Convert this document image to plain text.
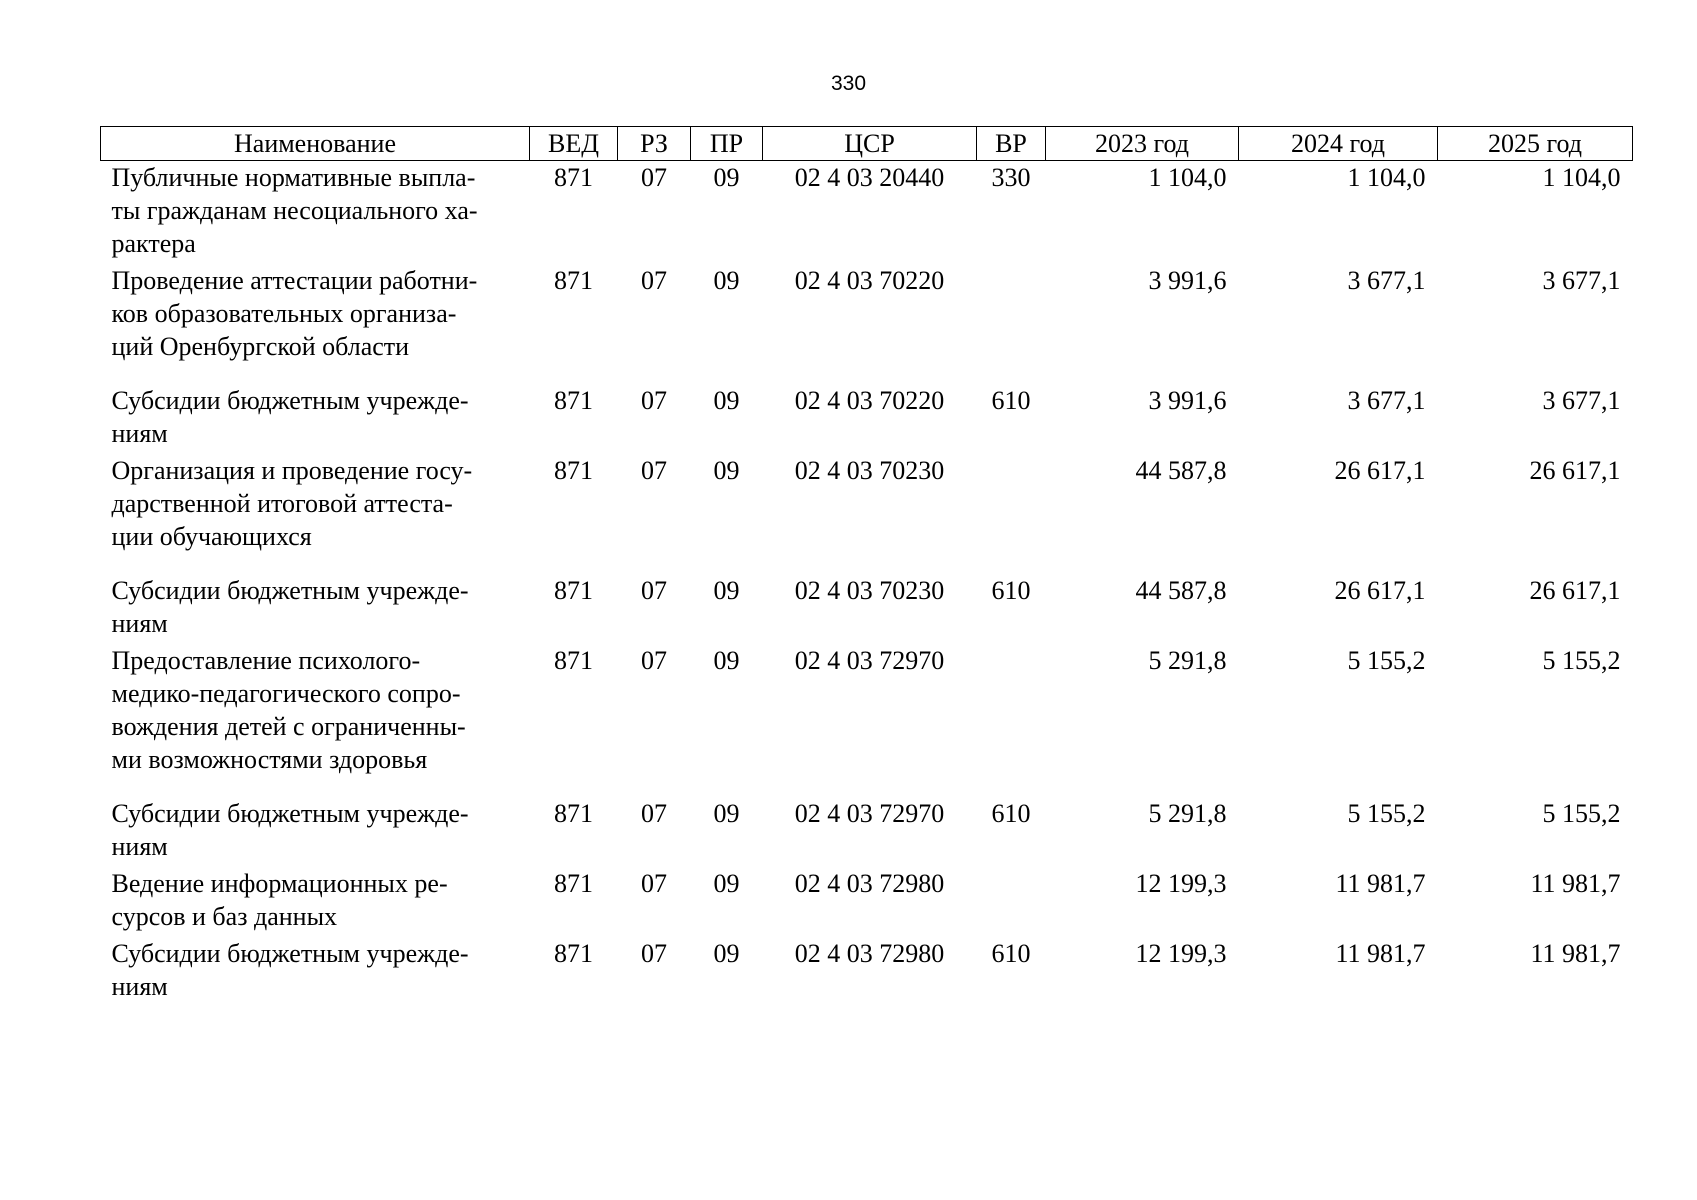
330
Наименование	ВЕД	РЗ	ПР	ЦСР	ВР	2023 год	2024 год	2025 год

Публичные нормативные выпла-
ты гражданам несоциального ха-
рактера	871	07	09	02 4 03 20440	330	1 104,0	1 104,0	1 104,0

Проведение аттестации работни-
ков образовательных организа-
ций Оренбургской области	871	07	09	02 4 03 70220		3 991,6	3 677,1	3 677,1

Субсидии бюджетным учрежде-
ниям	871	07	09	02 4 03 70220	610	3 991,6	3 677,1	3 677,1

Организация и проведение госу-
дарственной итоговой аттеста-
ции обучающихся	871	07	09	02 4 03 70230		44 587,8	26 617,1	26 617,1

Субсидии бюджетным учрежде-
ниям	871	07	09	02 4 03 70230	610	44 587,8	26 617,1	26 617,1

Предоставление психолого-
медико-педагогического сопро-
вождения детей с ограниченны-
ми возможностями здоровья	871	07	09	02 4 03 72970		5 291,8	5 155,2	5 155,2

Субсидии бюджетным учрежде-
ниям	871	07	09	02 4 03 72970	610	5 291,8	5 155,2	5 155,2

Ведение информационных ре-
сурсов и баз данных	871	07	09	02 4 03 72980		12 199,3	11 981,7	11 981,7

Субсидии бюджетным учрежде-
ниям	871	07	09	02 4 03 72980	610	12 199,3	11 981,7	11 981,7
